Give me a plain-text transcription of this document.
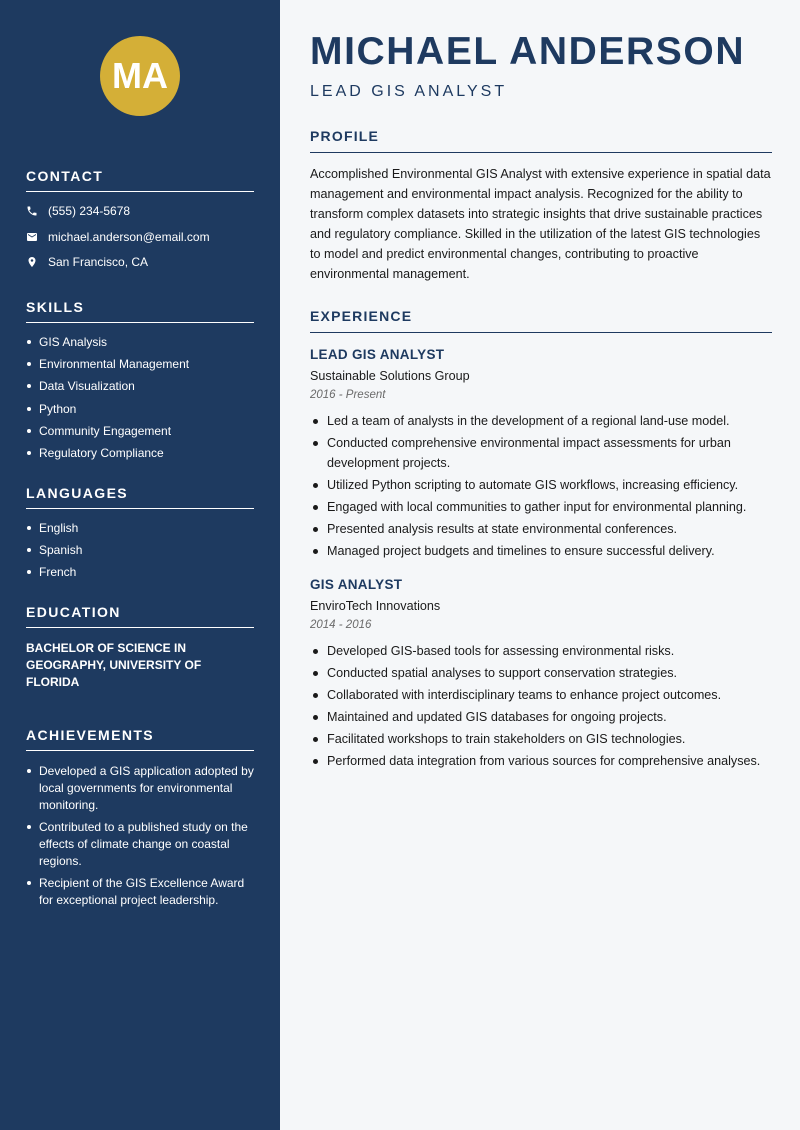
MA
CONTACT
(555) 234-5678
michael.anderson@email.com
San Francisco, CA
SKILLS
GIS Analysis
Environmental Management
Data Visualization
Python
Community Engagement
Regulatory Compliance
LANGUAGES
English
Spanish
French
EDUCATION
BACHELOR OF SCIENCE IN GEOGRAPHY, UNIVERSITY OF FLORIDA
ACHIEVEMENTS
Developed a GIS application adopted by local governments for environmental monitoring.
Contributed to a published study on the effects of climate change on coastal regions.
Recipient of the GIS Excellence Award for exceptional project leadership.
MICHAEL ANDERSON
LEAD GIS ANALYST
PROFILE

Accomplished Environmental GIS Analyst with extensive experience in spatial data management and environmental impact analysis. Recognized for the ability to transform complex datasets into strategic insights that drive sustainable practices and regulatory compliance. Skilled in the utilization of the latest GIS technologies to model and predict environmental changes, contributing to proactive environmental management.

EXPERIENCE
LEAD GIS ANALYST
Sustainable Solutions Group
2016 - Present
Led a team of analysts in the development of a regional land-use model.
Conducted comprehensive environmental impact assessments for urban development projects.
Utilized Python scripting to automate GIS workflows, increasing efficiency.
Engaged with local communities to gather input for environmental planning.
Presented analysis results at state environmental conferences.
Managed project budgets and timelines to ensure successful delivery.
GIS ANALYST
EnviroTech Innovations
2014 - 2016
Developed GIS-based tools for assessing environmental risks.
Conducted spatial analyses to support conservation strategies.
Collaborated with interdisciplinary teams to enhance project outcomes.
Maintained and updated GIS databases for ongoing projects.
Facilitated workshops to train stakeholders on GIS technologies.
Performed data integration from various sources for comprehensive analyses.
